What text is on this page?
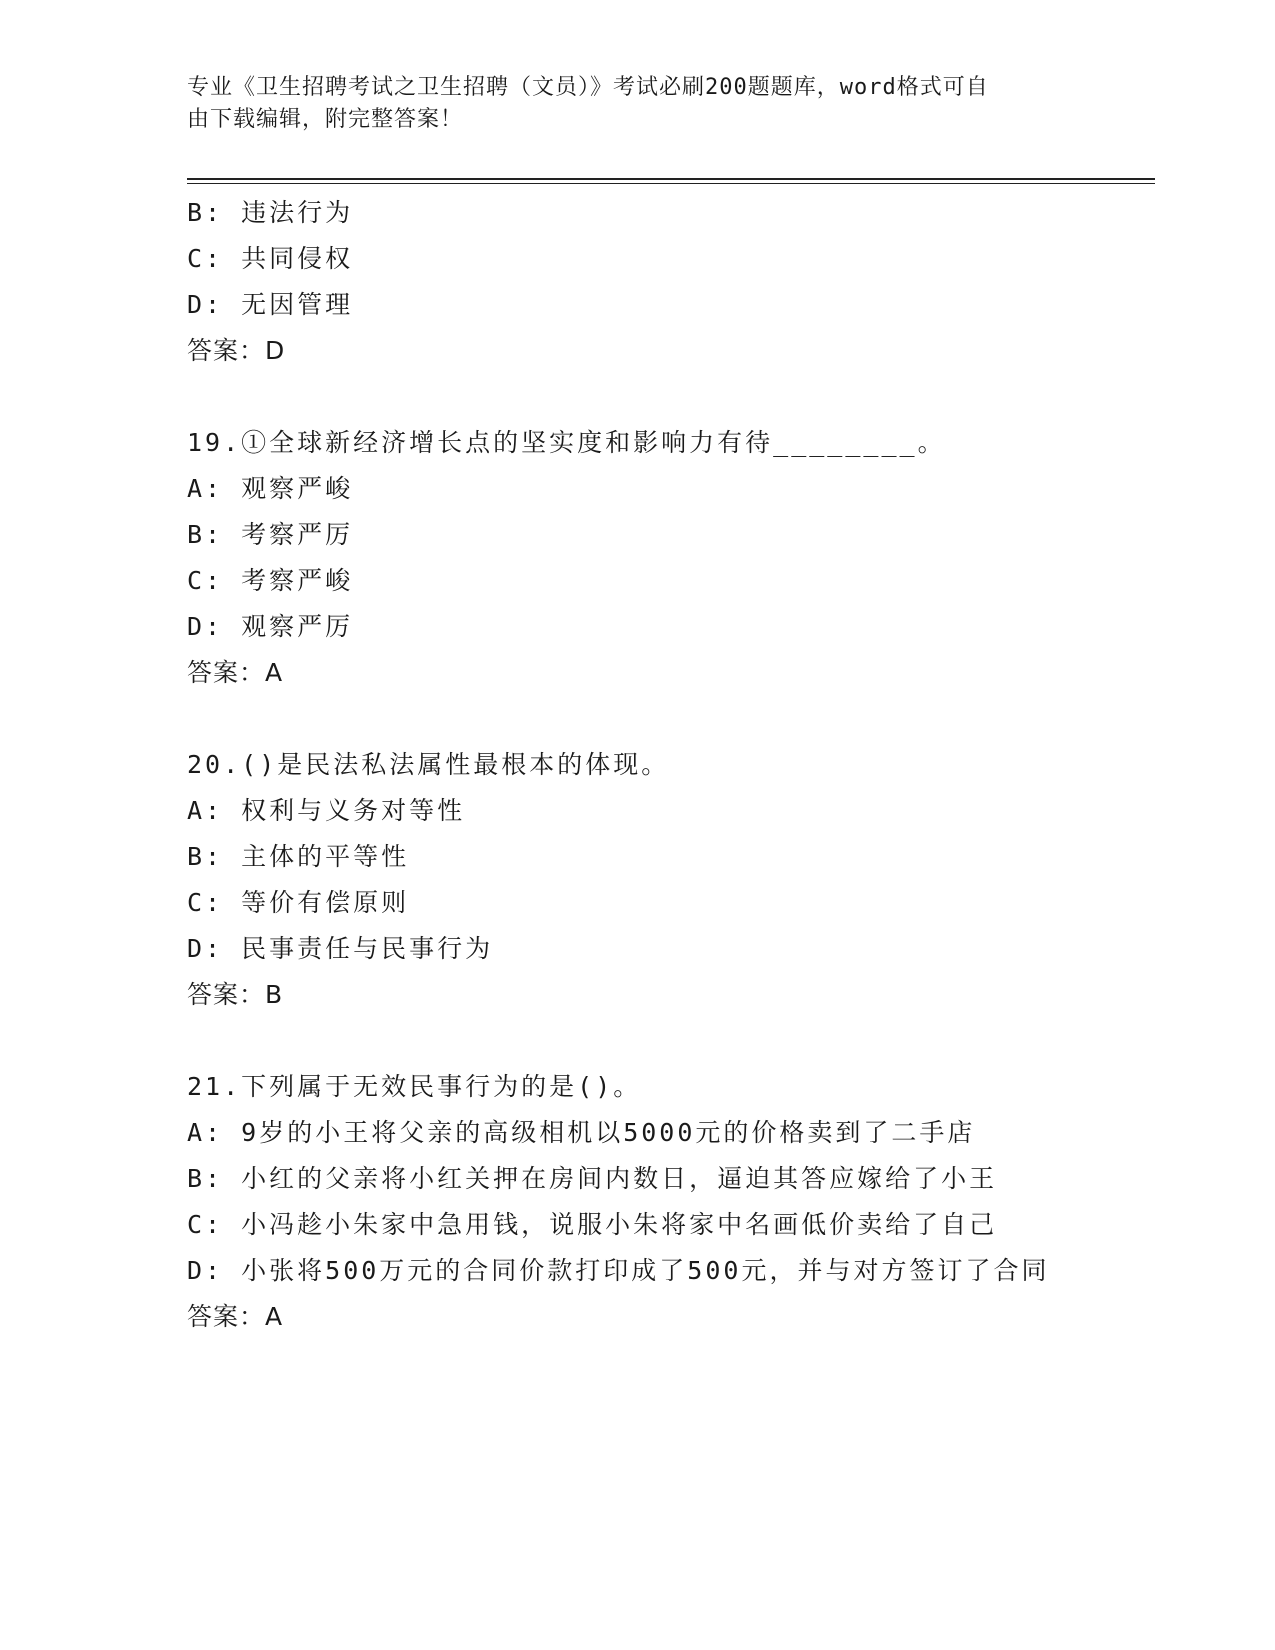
专业《卫生招聘考试之卫生招聘（文员）》考试必刷200题题库，word格式可自
由下载编辑，附完整答案！
B: 违法行为
C: 共同侵权
D: 无因管理
答案：D
19.①全球新经济增长点的坚实度和影响力有待________。
A: 观察严峻
B: 考察严厉
C: 考察严峻
D: 观察严厉
答案：A
20.()是民法私法属性最根本的体现。
A: 权利与义务对等性
B: 主体的平等性
C: 等价有偿原则
D: 民事责任与民事行为
答案：B
21.下列属于无效民事行为的是()。
A: 9岁的小王将父亲的高级相机以5000元的价格卖到了二手店
B: 小红的父亲将小红关押在房间内数日，逼迫其答应嫁给了小王
C: 小冯趁小朱家中急用钱，说服小朱将家中名画低价卖给了自己
D: 小张将500万元的合同价款打印成了500元，并与对方签订了合同
答案：A
